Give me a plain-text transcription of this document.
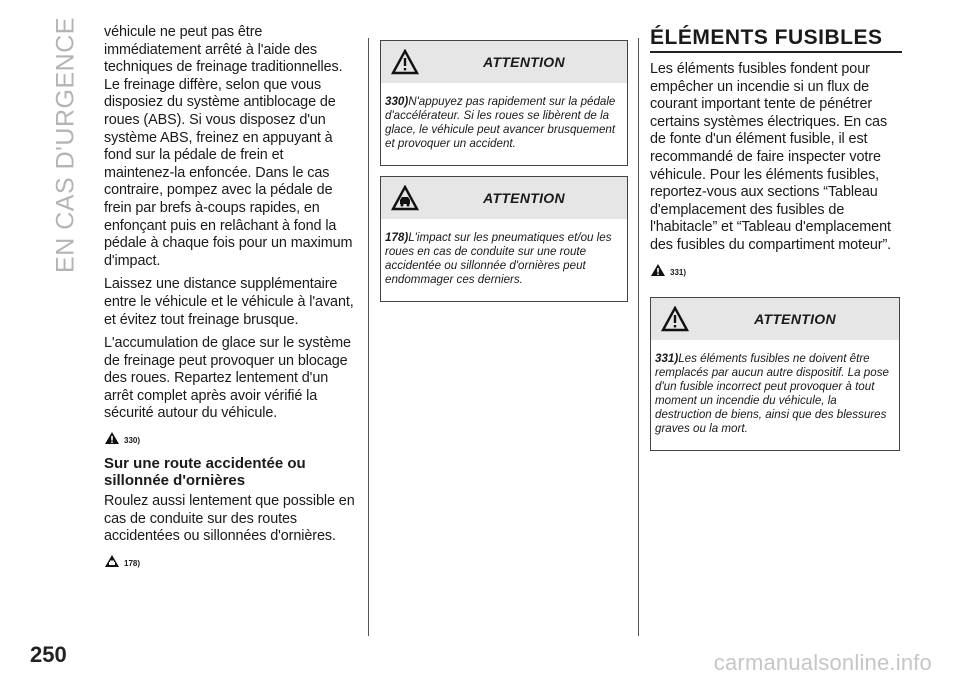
EN CAS D'URGENCE
250

véhicule ne peut pas être immédiatement arrêté à l'aide des techniques de freinage traditionnelles. Le freinage diffère, selon que vous disposiez du système antiblocage de roues (ABS). Si vous disposez d'un système ABS, freinez en appuyant à fond sur la pédale de frein et maintenez-la enfoncée. Dans le cas contraire, pompez avec la pédale de frein par brefs à-coups rapides, en enfonçant puis en relâchant à fond la pédale à chaque fois pour un maximum d'impact.

Laissez une distance supplémentaire entre le véhicule et le véhicule à l'avant, et évitez tout freinage brusque.

L'accumulation de glace sur le système de freinage peut provoquer un blocage des roues. Repartez lentement d'un arrêt complet après avoir vérifié la sécurité autour du véhicule.

330)
Sur une route accidentée ou sillonnée d'ornières

Roulez aussi lentement que possible en cas de conduite sur des routes accidentées ou sillonnées d'ornières.

178)
ATTENTION
330)N'appuyez pas rapidement sur la pédale d'accélérateur. Si les roues se libèrent de la glace, le véhicule peut avancer brusquement et provoquer un accident.
ATTENTION
178)L'impact sur les pneumatiques et/ou les roues en cas de conduite sur une route accidentée ou sillonnée d'ornières peut endommager ces derniers.
ÉLÉMENTS FUSIBLES

Les éléments fusibles fondent pour empêcher un incendie si un flux de courant important tente de pénétrer certains systèmes électriques. En cas de fonte d'un élément fusible, il est recommandé de faire inspecter votre véhicule. Pour les éléments fusibles, reportez-vous aux sections “Tableau d'emplacement des fusibles de l'habitacle” et “Tableau d'emplacement des fusibles du compartiment moteur”.

331)
ATTENTION
331)Les éléments fusibles ne doivent être remplacés par aucun autre dispositif. La pose d'un fusible incorrect peut provoquer à tout moment un incendie du véhicule, la destruction de biens, ainsi que des blessures graves ou la mort.
carmanualsonline.info
